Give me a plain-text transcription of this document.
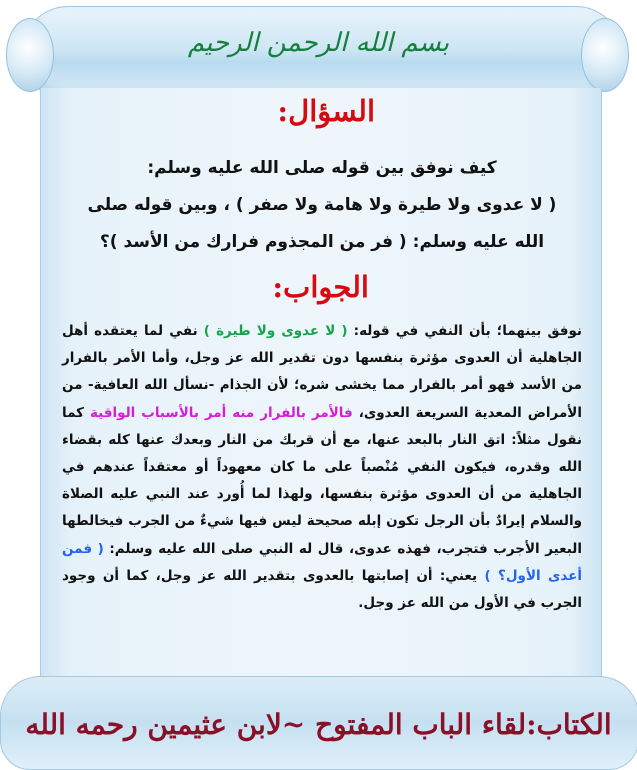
بسم الله الرحمن الرحيم
السؤال:
كيف نوفق بين قوله صلى الله عليه وسلم:
( لا عدوى ولا طيرة ولا هامة ولا صفر ) ، وبين قوله صلى
الله عليه وسلم: ( فر من المجذوم فرارك من الأسد )؟
الجواب:
نوفق بينهما؛ بأن النفي في قوله: ( لا عدوى ولا طيرة ) نفي لما يعتقده أهل الجاهلية أن العدوى مؤثرة بنفسها دون تقدير الله عز وجل، وأما الأمر بالفرار من الأسد فهو أمر بالفرار مما يخشى شره؛ لأن الجذام -نسأل الله العافية- من الأمراض المعدية السريعة العدوى، فالأمر بالفرار منه أمر بالأسباب الواقية كما نقول مثلاً: اتق النار بالبعد عنها، مع أن قربك من النار وبعدك عنها كله بقضاء الله وقدره، فيكون النفي مُنْصباً على ما كان معهوداً أو معتقداً عندهم في الجاهلية من أن العدوى مؤثرة بنفسها، ولهذا لما أُورد عند النبي عليه الصلاة والسلام إيرادٌ بأن الرجل تكون إبله صحيحة ليس فيها شيءٌ من الجرب فيخالطها البعير الأجرب فتجرب، فهذه عدوى، قال له النبي صلى الله عليه وسلم: ( فمن أعدى الأول؟ ) يعني: أن إصابتها بالعدوى بتقدير الله عز وجل، كما أن وجود الجرب في الأول من الله عز وجل.
الكتاب:لقاء الباب المفتوح ~لابن عثيمين رحمه الله
